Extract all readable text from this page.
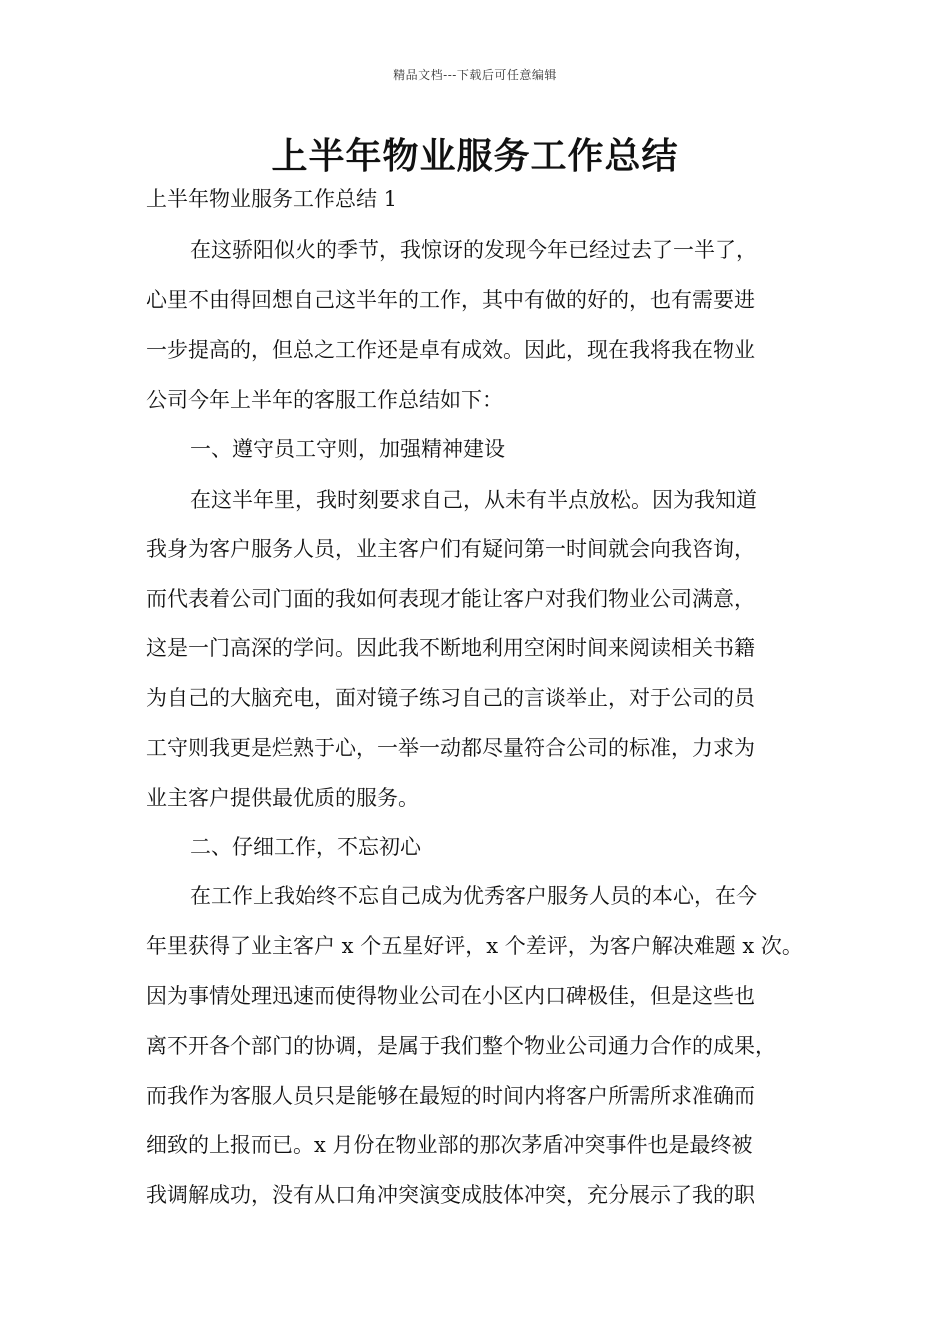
精品文档---下载后可任意编辑
上半年物业服务工作总结
上半年物业服务工作总结 1
在这骄阳似火的季节，我惊讶的发现今年已经过去了一半了，
心里不由得回想自己这半年的工作，其中有做的好的，也有需要进
一步提高的，但总之工作还是卓有成效。因此，现在我将我在物业
公司今年上半年的客服工作总结如下：
一、遵守员工守则，加强精神建设
在这半年里，我时刻要求自己，从未有半点放松。因为我知道
我身为客户服务人员，业主客户们有疑问第一时间就会向我咨询，
而代表着公司门面的我如何表现才能让客户对我们物业公司满意，
这是一门高深的学问。因此我不断地利用空闲时间来阅读相关书籍
为自己的大脑充电，面对镜子练习自己的言谈举止，对于公司的员
工守则我更是烂熟于心，一举一动都尽量符合公司的标准，力求为
业主客户提供最优质的服务。
二、仔细工作，不忘初心
在工作上我始终不忘自己成为优秀客户服务人员的本心，在今
年里获得了业主客户 x 个五星好评，x 个差评，为客户解决难题 x 次。
因为事情处理迅速而使得物业公司在小区内口碑极佳，但是这些也
离不开各个部门的协调，是属于我们整个物业公司通力合作的成果，
而我作为客服人员只是能够在最短的时间内将客户所需所求准确而
细致的上报而已。x 月份在物业部的那次茅盾冲突事件也是最终被
我调解成功，没有从口角冲突演变成肢体冲突，充分展示了我的职
